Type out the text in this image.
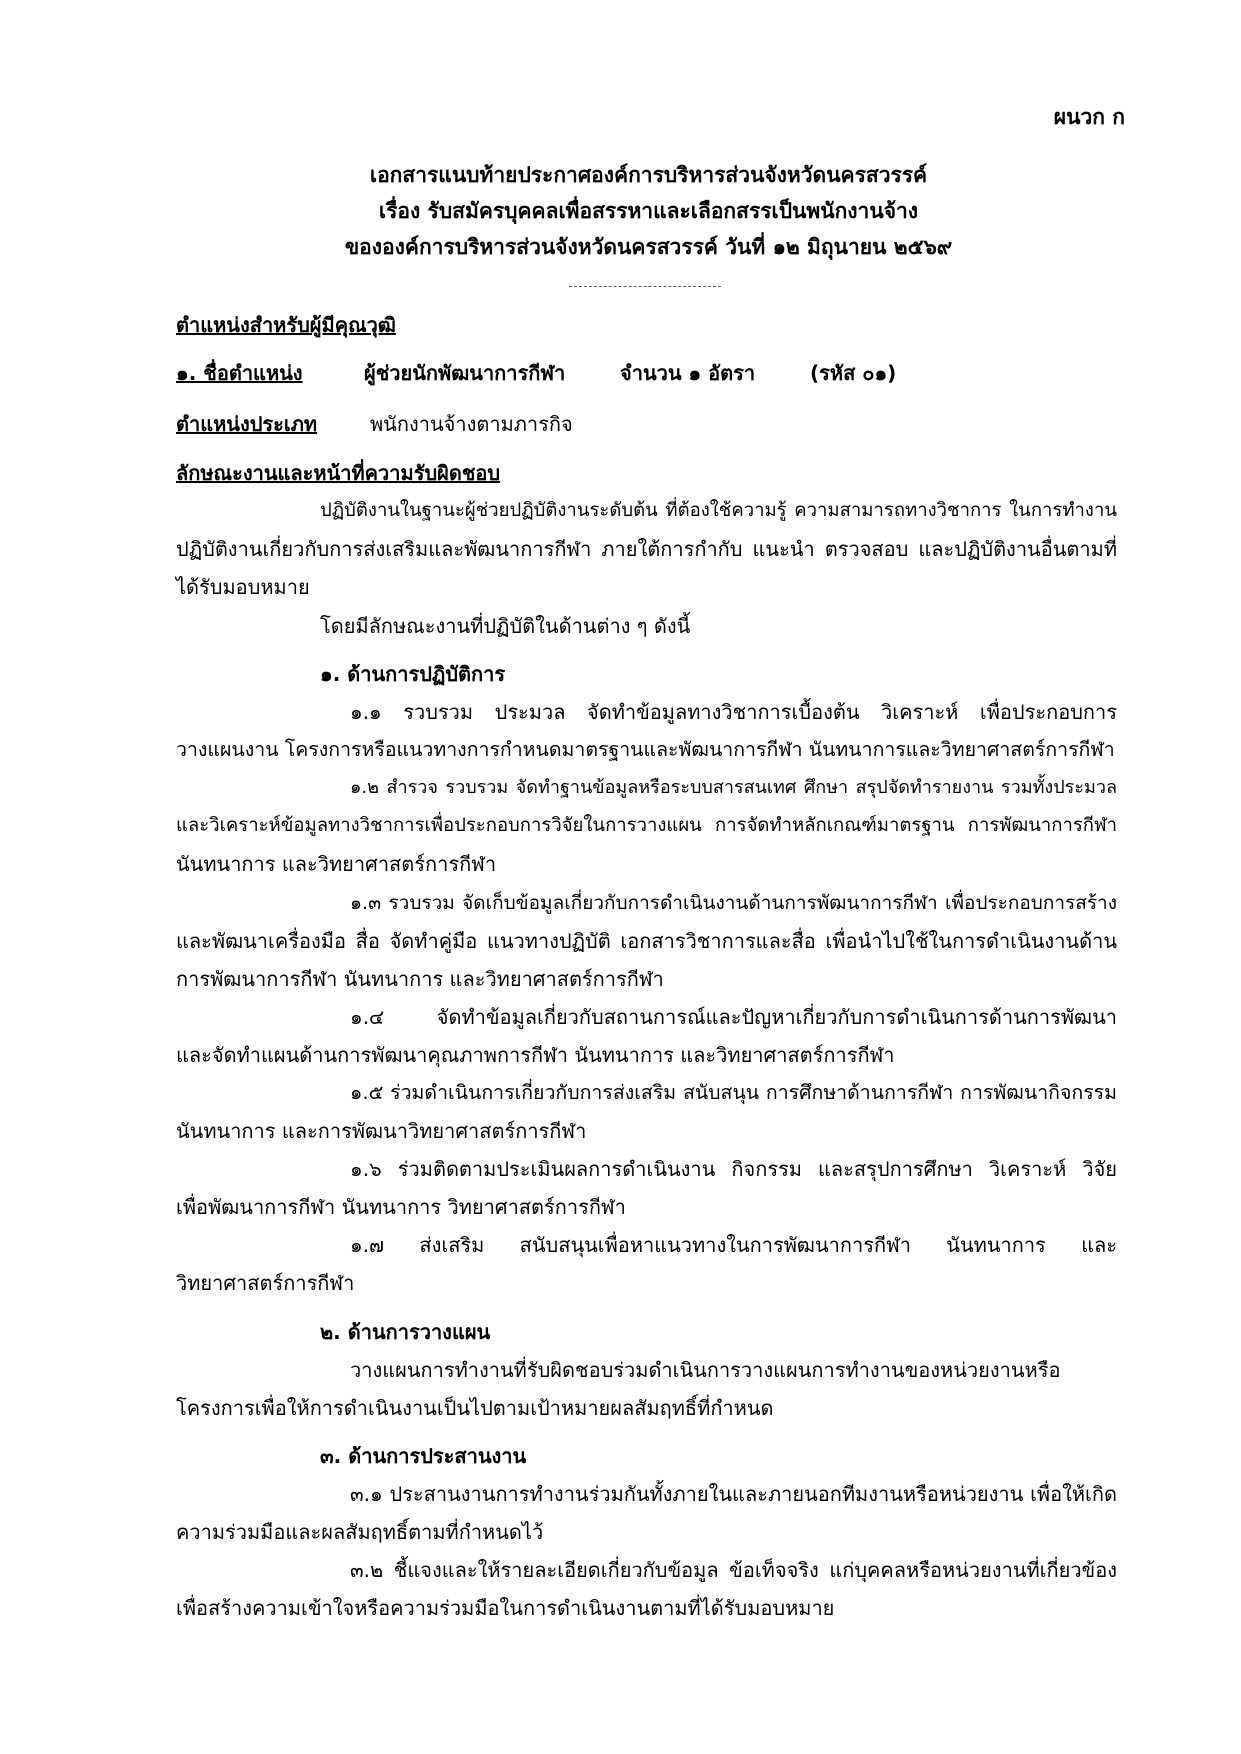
ผนวก ก
เอกสารแนบท้ายประกาศองค์การบริหารส่วนจังหวัดนครสวรรค์
เรื่อง รับสมัครบุคคลเพื่อสรรหาและเลือกสรรเป็นพนักงานจ้าง
ขององค์การบริหารส่วนจังหวัดนครสวรรค์ วันที่ ๑๒ มิถุนายน ๒๕๖๙
ตำแหน่งสำหรับผู้มีคุณวุฒิ
๑. ชื่อตำแหน่ง	ผู้ช่วยนักพัฒนาการกีฬา	จำนวน ๑ อัตรา	(รหัส ๐๑)
ตำแหน่งประเภท	พนักงานจ้างตามภารกิจ
ลักษณะงานและหน้าที่ความรับผิดชอบ
ปฏิบัติงานในฐานะผู้ช่วยปฏิบัติงานระดับต้น ที่ต้องใช้ความรู้ ความสามารถทางวิชาการ ในการทำงาน
ปฏิบัติงานเกี่ยวกับการส่งเสริมและพัฒนาการกีฬา ภายใต้การกำกับ แนะนำ ตรวจสอบ และปฏิบัติงานอื่นตามที่
ได้รับมอบหมาย
โดยมีลักษณะงานที่ปฏิบัติในด้านต่าง ๆ ดังนี้
๑. ด้านการปฏิบัติการ
๑.๑ รวบรวม ประมวล จัดทำข้อมูลทางวิชาการเบื้องต้น วิเคราะห์ เพื่อประกอบการ
วางแผนงาน โครงการหรือแนวทางการกำหนดมาตรฐานและพัฒนาการกีฬา นันทนาการและวิทยาศาสตร์การกีฬา
๑.๒ สำรวจ รวบรวม จัดทำฐานข้อมูลหรือระบบสารสนเทศ ศึกษา สรุปจัดทำรายงาน รวมทั้งประมวล
และวิเคราะห์ข้อมูลทางวิชาการเพื่อประกอบการวิจัยในการวางแผน การจัดทำหลักเกณฑ์มาตรฐาน การพัฒนาการกีฬา
นันทนาการ และวิทยาศาสตร์การกีฬา
๑.๓ รวบรวม จัดเก็บข้อมูลเกี่ยวกับการดำเนินงานด้านการพัฒนาการกีฬา เพื่อประกอบการสร้าง
และพัฒนาเครื่องมือ สื่อ จัดทำคู่มือ แนวทางปฏิบัติ เอกสารวิชาการและสื่อ เพื่อนำไปใช้ในการดำเนินงานด้าน
การพัฒนาการกีฬา นันทนาการ และวิทยาศาสตร์การกีฬา
๑.๔ จัดทำข้อมูลเกี่ยวกับสถานการณ์และปัญหาเกี่ยวกับการดำเนินการด้านการพัฒนา
และจัดทำแผนด้านการพัฒนาคุณภาพการกีฬา นันทนาการ และวิทยาศาสตร์การกีฬา
๑.๕ ร่วมดำเนินการเกี่ยวกับการส่งเสริม สนับสนุน การศึกษาด้านการกีฬา การพัฒนากิจกรรม
นันทนาการ และการพัฒนาวิทยาศาสตร์การกีฬา
๑.๖ ร่วมติดตามประเมินผลการดำเนินงาน กิจกรรม และสรุปการศึกษา วิเคราะห์ วิจัย
เพื่อพัฒนาการกีฬา นันทนาการ วิทยาศาสตร์การกีฬา
๑.๗ ส่งเสริม สนับสนุนเพื่อหาแนวทางในการพัฒนาการกีฬา นันทนาการ และ
วิทยาศาสตร์การกีฬา
๒. ด้านการวางแผน
วางแผนการทำงานที่รับผิดชอบร่วมดำเนินการวางแผนการทำงานของหน่วยงานหรือ
โครงการเพื่อให้การดำเนินงานเป็นไปตามเป้าหมายผลสัมฤทธิ์ที่กำหนด
๓. ด้านการประสานงาน
๓.๑ ประสานงานการทำงานร่วมกันทั้งภายในและภายนอกทีมงานหรือหน่วยงาน เพื่อให้เกิด
ความร่วมมือและผลสัมฤทธิ์ตามที่กำหนดไว้
๓.๒ ชี้แจงและให้รายละเอียดเกี่ยวกับข้อมูล ข้อเท็จจริง แก่บุคคลหรือหน่วยงานที่เกี่ยวข้อง
เพื่อสร้างความเข้าใจหรือความร่วมมือในการดำเนินงานตามที่ได้รับมอบหมาย
